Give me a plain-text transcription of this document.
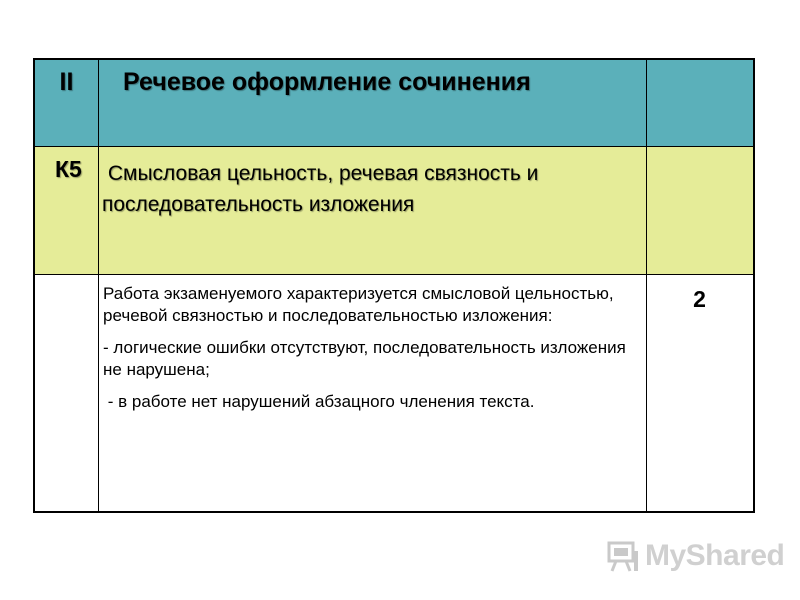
II	Речевое оформление сочинения
К5 Смысловая цельность, речевая связность и последовательность изложения

Работа экзаменуемого характеризуется смысловой цельностью, речевой связностью и последовательностью изложения:

- логические ошибки отсутствуют, последовательность изложения не нарушена;

- в работе нет нарушений абзацного членения текста.

2
MyShared
